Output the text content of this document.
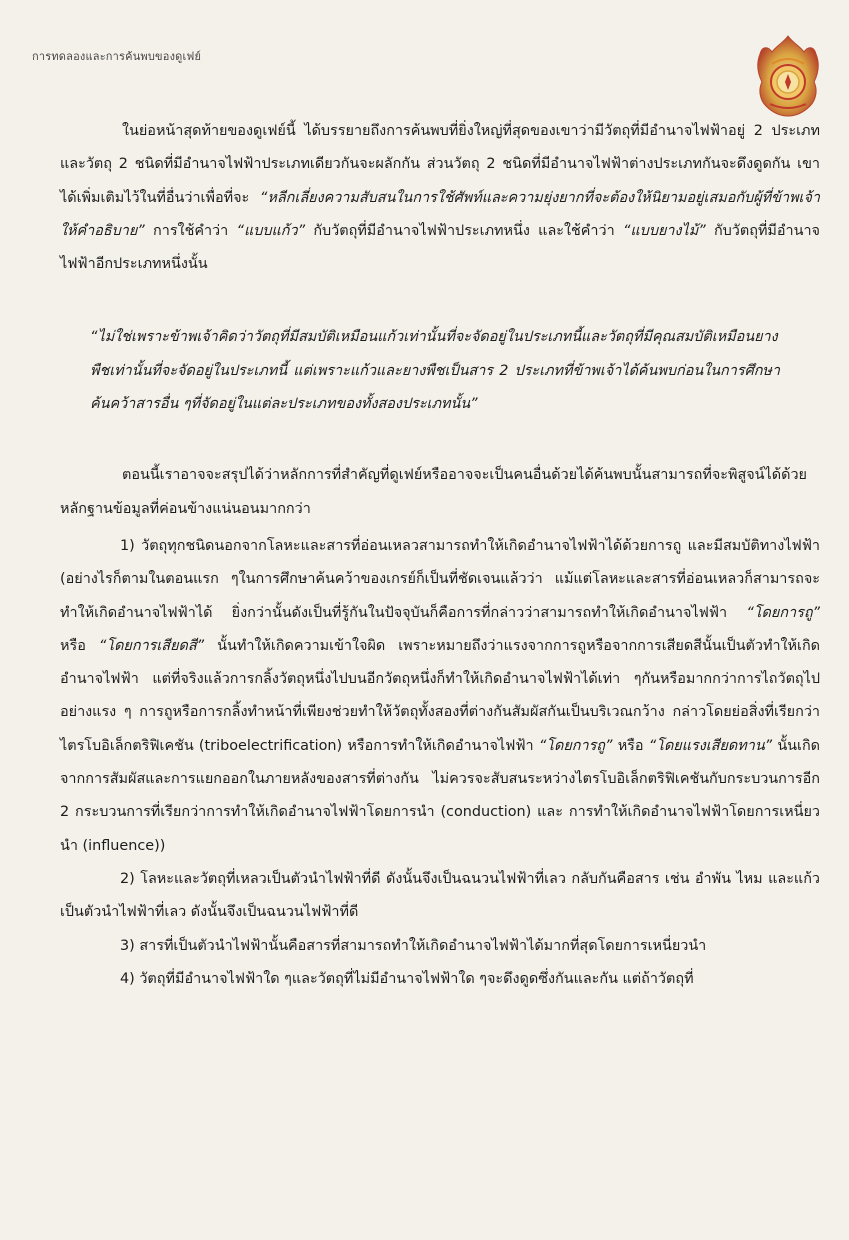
การทดลองและการค้นพบของดูเฟย์

ในย่อหน้าสุดท้ายของดูเฟย์นี้ ได้บรรยายถึงการค้นพบที่ยิ่งใหญ่ที่สุดของเขาว่ามีวัตถุที่มีอำนาจไฟฟ้าอยู่ 2 ประเภท และวัตถุ 2 ชนิดที่มีอำนาจไฟฟ้าประเภทเดียวกันจะผลักกัน ส่วนวัตถุ 2 ชนิดที่มีอำนาจไฟฟ้าต่างประเภทกันจะดึงดูดกัน เขาได้เพิ่มเติมไว้ในที่อื่นว่าเพื่อที่จะ “หลีกเลี่ยงความสับสนในการใช้ศัพท์และความยุ่งยากที่จะต้องให้นิยามอยู่เสมอกับผู้ที่ข้าพเจ้าให้คำอธิบาย” การใช้คำว่า “แบบแก้ว” กับวัตถุที่มีอำนาจไฟฟ้าประเภทหนึ่ง และใช้คำว่า “แบบยางไม้” กับวัตถุที่มีอำนาจไฟฟ้าอีกประเภทหนึ่งนั้น

“ไม่ใช่เพราะข้าพเจ้าคิดว่าวัตถุที่มีสมบัติเหมือนแก้วเท่านั้นที่จะจัดอยู่ในประเภทนี้และวัตถุที่มีคุณสมบัติเหมือนยางพืชเท่านั้นที่จะจัดอยู่ในประเภทนี้ แต่เพราะแก้วและยางพืชเป็นสาร 2 ประเภทที่ข้าพเจ้าได้ค้นพบก่อนในการศึกษาค้นคว้าสารอื่น ๆที่จัดอยู่ในแต่ละประเภทของทั้งสองประเภทนั้น”

ตอนนี้เราอาจจะสรุปได้ว่าหลักการที่สำคัญที่ดูเฟย์หรืออาจจะเป็นคนอื่นด้วยได้ค้นพบนั้นสามารถที่จะพิสูจน์ได้ด้วยหลักฐานข้อมูลที่ค่อนข้างแน่นอนมากกว่า

1) วัตถุทุกชนิดนอกจากโลหะและสารที่อ่อนเหลวสามารถทำให้เกิดอำนาจไฟฟ้าได้ด้วยการถู และมีสมบัติทางไฟฟ้า (อย่างไรก็ตามในตอนแรก ๆในการศึกษาค้นคว้าของเกรย์ก็เป็นที่ชัดเจนแล้วว่า แม้แต่โลหะและสารที่อ่อนเหลวก็สามารถจะทำให้เกิดอำนาจไฟฟ้าได้ ยิ่งกว่านั้นดังเป็นที่รู้กันในปัจจุบันก็คือการที่กล่าวว่าสามารถทำให้เกิดอำนาจไฟฟ้า “โดยการถู” หรือ “โดยการเสียดสี” นั้นทำให้เกิดความเข้าใจผิด เพราะหมายถึงว่าแรงจากการถูหรือจากการเสียดสีนั้นเป็นตัวทำให้เกิดอำนาจไฟฟ้า แต่ที่จริงแล้วการกลิ้งวัตถุหนึ่งไปบนอีกวัตถุหนึ่งก็ทำให้เกิดอำนาจไฟฟ้าได้เท่า ๆกันหรือมากกว่าการไถวัตถุไปอย่างแรง ๆ การถูหรือการกลิ้งทำหน้าที่เพียงช่วยทำให้วัตถุทั้งสองที่ต่างกันสัมผัสกันเป็นบริเวณกว้าง กล่าวโดยย่อสิ่งที่เรียกว่าไตรโบอิเล็กตริฟิเคชัน (triboelectrification) หรือการทำให้เกิดอำนาจไฟฟ้า “โดยการถู” หรือ “โดยแรงเสียดทาน” นั้นเกิดจากการสัมผัสและการแยกออกในภายหลังของสารที่ต่างกัน ไม่ควรจะสับสนระหว่างไตรโบอิเล็กตริฟิเคชันกับกระบวนการอีก 2 กระบวนการที่เรียกว่าการทำให้เกิดอำนาจไฟฟ้าโดยการนำ (conduction) และ การทำให้เกิดอำนาจไฟฟ้าโดยการเหนี่ยวนำ (influence))

2) โลหะและวัตถุที่เหลวเป็นตัวนำไฟฟ้าที่ดี ดังนั้นจึงเป็นฉนวนไฟฟ้าที่เลว กลับกันคือสาร เช่น อำพัน ไหม และแก้วเป็นตัวนำไฟฟ้าที่เลว ดังนั้นจึงเป็นฉนวนไฟฟ้าที่ดี

3) สารที่เป็นตัวนำไฟฟ้านั้นคือสารที่สามารถทำให้เกิดอำนาจไฟฟ้าได้มากที่สุดโดยการเหนี่ยวนำ

4) วัตถุที่มีอำนาจไฟฟ้าใด ๆและวัตถุที่ไม่มีอำนาจไฟฟ้าใด ๆจะดึงดูดซึ่งกันและกัน แต่ถ้าวัตถุที่
